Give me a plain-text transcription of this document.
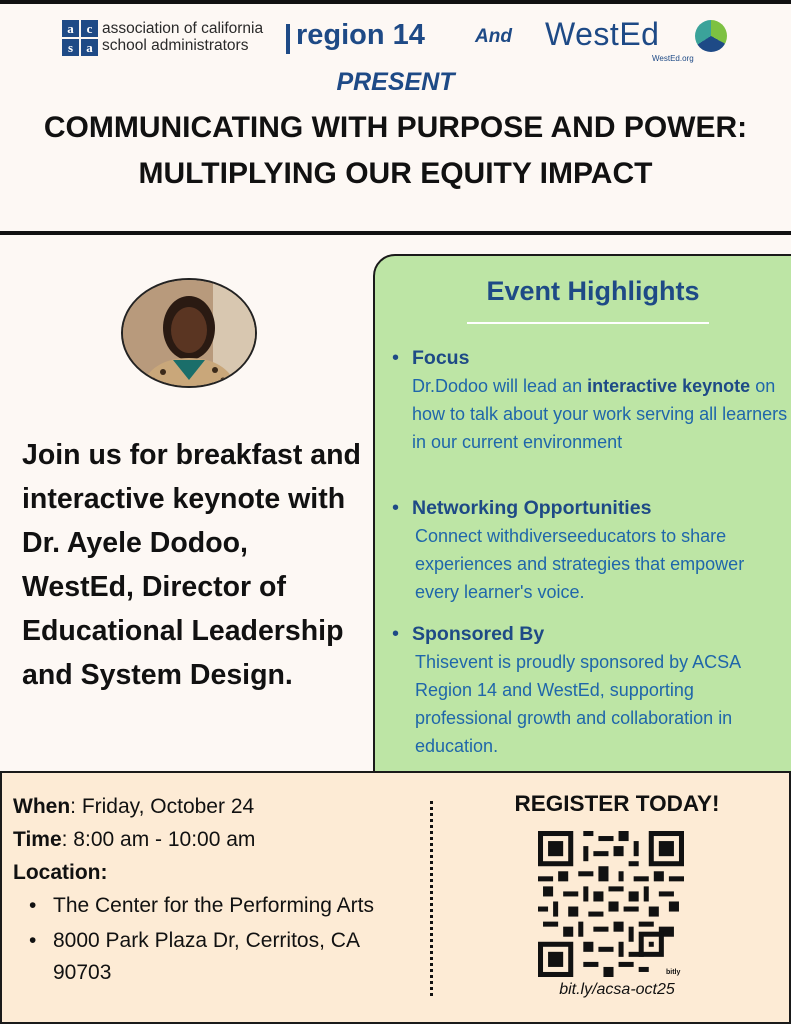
a c
s	a
association of california
school administrators	region 14	And WestEd
WestEd.org
PRESENT
COMMUNICATING WITH PURPOSE AND POWER:
MULTIPLYING OUR EQUITY IMPACT
Join us for breakfast and interactive keynote with Dr. Ayele Dodoo, WestEd, Director of Educational Leadership and System Design.
Event Highlights
• Focus
Dr.Dodoo will lead an interactive keynote on how to talk about your work serving all learners in our current environment
• Networking Opportunities
Connect withdiverseeducators to share experiences and strategies that empower every learner's voice.
• Sponsored By
Thisevent is proudly sponsored by ACSA Region 14 and WestEd, supporting professional growth and collaboration in education.
When: Friday, October 24
Time: 8:00 am - 10:00 am
Location:
• The Center for the Performing Arts
• 8000 Park Plaza Dr, Cerritos, CA 90703
REGISTER TODAY!
bitly
bit.ly/acsa-oct25
